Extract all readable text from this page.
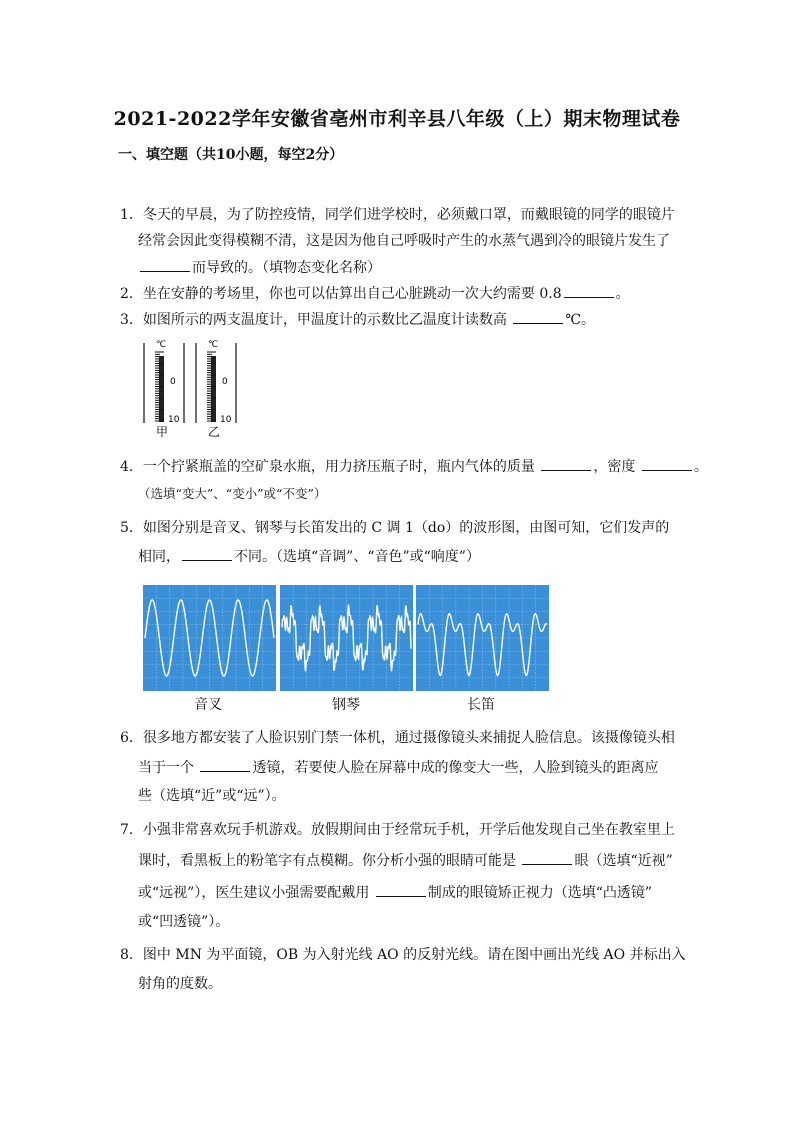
2021-2022学年安徽省亳州市利辛县八年级（上）期末物理试卷
一、填空题（共10小题，每空2分）
1．冬天的早晨，为了防控疫情，同学们进学校时，必须戴口罩，而戴眼镜的同学的眼镜片
经常会因此变得模糊不清，这是因为他自己呼吸时产生的水蒸气遇到冷的眼镜片发生了
而导致的。（填物态变化名称）
2．坐在安静的考场里，你也可以估算出自己心脏跳动一次大约需要 0.8	。
3．如图所示的两支温度计，甲温度计的示数比乙温度计读数高	℃。
℃
0
10
甲
℃
0
10
乙
4．一个拧紧瓶盖的空矿泉水瓶，用力挤压瓶子时，瓶内气体的质量	，密度	。
（选填“变大”、“变小”或“不变”）
5．如图分别是音叉、钢琴与长笛发出的 C 调 1（do）的波形图，由图可知，它们发声的
相同，	不同。（选填“音调”、“音色”或“响度”）
音叉	钢琴	长笛
6．很多地方都安装了人脸识别门禁一体机，通过摄像镜头来捕捉人脸信息。该摄像镜头相
当于一个	透镜，若要使人脸在屏幕中成的像变大一些，人脸到镜头的距离应
些（选填“近”或“远”）。
7．小强非常喜欢玩手机游戏。放假期间由于经常玩手机，开学后他发现自己坐在教室里上
课时，看黑板上的粉笔字有点模糊。你分析小强的眼睛可能是	眼（选填“近视”
或“远视”），医生建议小强需要配戴用	制成的眼镜矫正视力（选填“凸透镜”
或“凹透镜”）。
8．图中 MN 为平面镜，OB 为入射光线 AO 的反射光线。请在图中画出光线 AO 并标出入
射角的度数。
